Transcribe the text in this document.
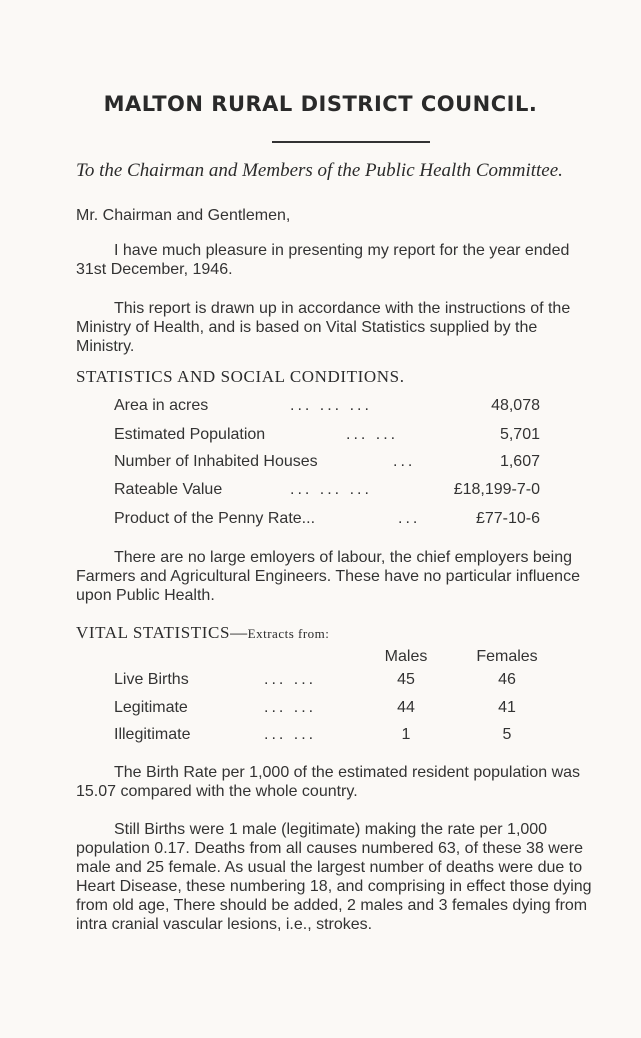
MALTON RURAL DISTRICT COUNCIL.
To the Chairman and Members of the Public Health Committee.
Mr. Chairman and Gentlemen,
I have much pleasure in presenting my report for the year ended 31st December, 1946.
This report is drawn up in accordance with the instructions of the Ministry of Health, and is based on Vital Statistics supplied by the Ministry.
STATISTICS AND SOCIAL CONDITIONS.
Area in acres	... ... ...	48,078
Estimated Population	... ...	5,701
Number of Inhabited Houses	...	1,607
Rateable Value	... ... ...	£18,199-7-0
Product of the Penny Rate...	...	£77-10-6
There are no large emloyers of labour, the chief employers being Farmers and Agricultural Engineers. These have no particular influence upon Public Health.
VITAL STATISTICS—Extracts from:
Males	Females
Live Births	... ...	45	46
Legitimate	... ...	44	41
Illegitimate	... ...	1	5
The Birth Rate per 1,000 of the estimated resident population was 15.07 compared with the whole country.
Still Births were 1 male (legitimate) making the rate per 1,000 population 0.17. Deaths from all causes numbered 63, of these 38 were male and 25 female. As usual the largest number of deaths were due to Heart Disease, these numbering 18, and comprising in effect those dying from old age, There should be added, 2 males and 3 females dying from intra cranial vascular lesions, i.e., strokes.
